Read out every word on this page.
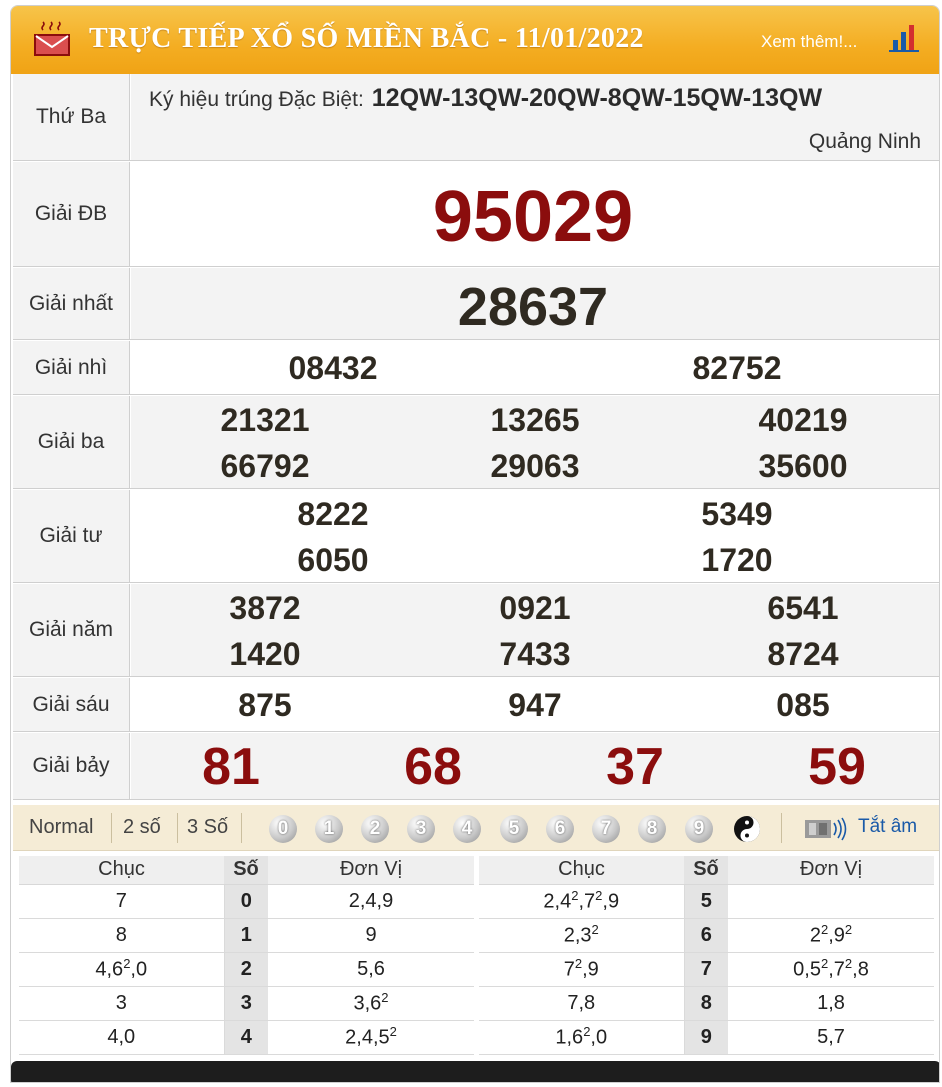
TRỰC TIẾP XỔ SỐ MIỀN BẮC - 11/01/2022	Xem thêm!...
Thứ Ba
Ký hiệu trúng Đặc Biệt: 12QW-13QW-20QW-8QW-15QW-13QW
Quảng Ninh
Giải ĐB	95029
Giải nhất	28637
Giải nhì	08432	82752
Giải ba
21321	13265	40219
66792	29063	35600
Giải tư
8222	5349
6050	1720
Giải năm
3872	0921	6541
1420	7433	8724
Giải sáu	875	947	085
Giải bảy	81	68	37	59
Normal 2 số 3 Số	0	1	2	3	4	5	6	7	8	9	Tắt âm
Chục	Số	Đơn Vị
7	0	2,4,9
8	1	9
$4,6^2,0$	2	5,6
3	3	$3,6^2$
4,0	4	2,4,5$^2$
Chục	Số	Đơn Vị
$2,4^2,7^2,9$	5	
$2,3^2$	6	$2^2,9^2$
$7^2,9$	7	$0,5^2,7^2,8$
7,8	8	1,8
$1,6^2,0$	9	5,7
